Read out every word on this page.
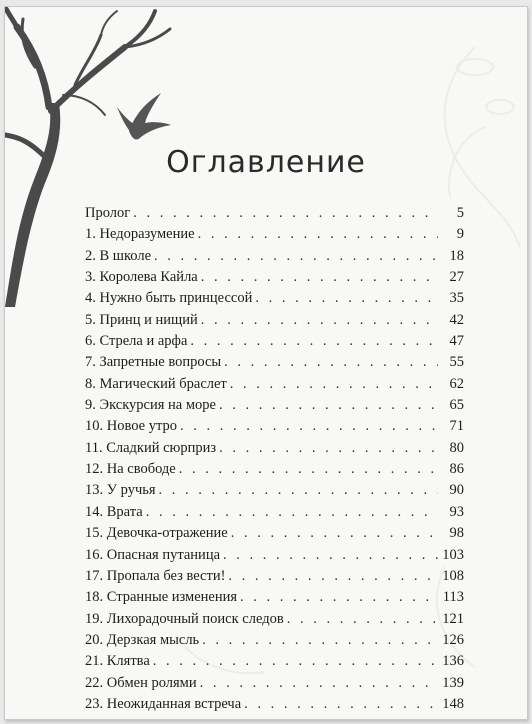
Оглавление
Пролог . . .	5
1. Недоразумение . . .	9
2. В школе . . .	18
3. Королева Кайла . . .	27
4. Нужно быть принцессой . . .	35
5. Принц и нищий . . .	42
6. Стрела и арфа . . .	47
7. Запретные вопросы . . .	55
8. Магический браслет . . .	62
9. Экскурсия на море . . .	65
10. Новое утро . . .	71
11. Сладкий сюрприз . . .	80
12. На свободе . . .	86
13. У ручья . . .	90
14. Врата . . .	93
15. Девочка-отражение . . .	98
16. Опасная путаница . . .	103
17. Пропала без вести! . . .	108
18. Странные изменения . . .	113
19. Лихорадочный поиск следов . . .	121
20. Дерзкая мысль . . .	126
21. Клятва . . .	136
22. Обмен ролями . . .	139
23. Неожиданная встреча . . .	148
